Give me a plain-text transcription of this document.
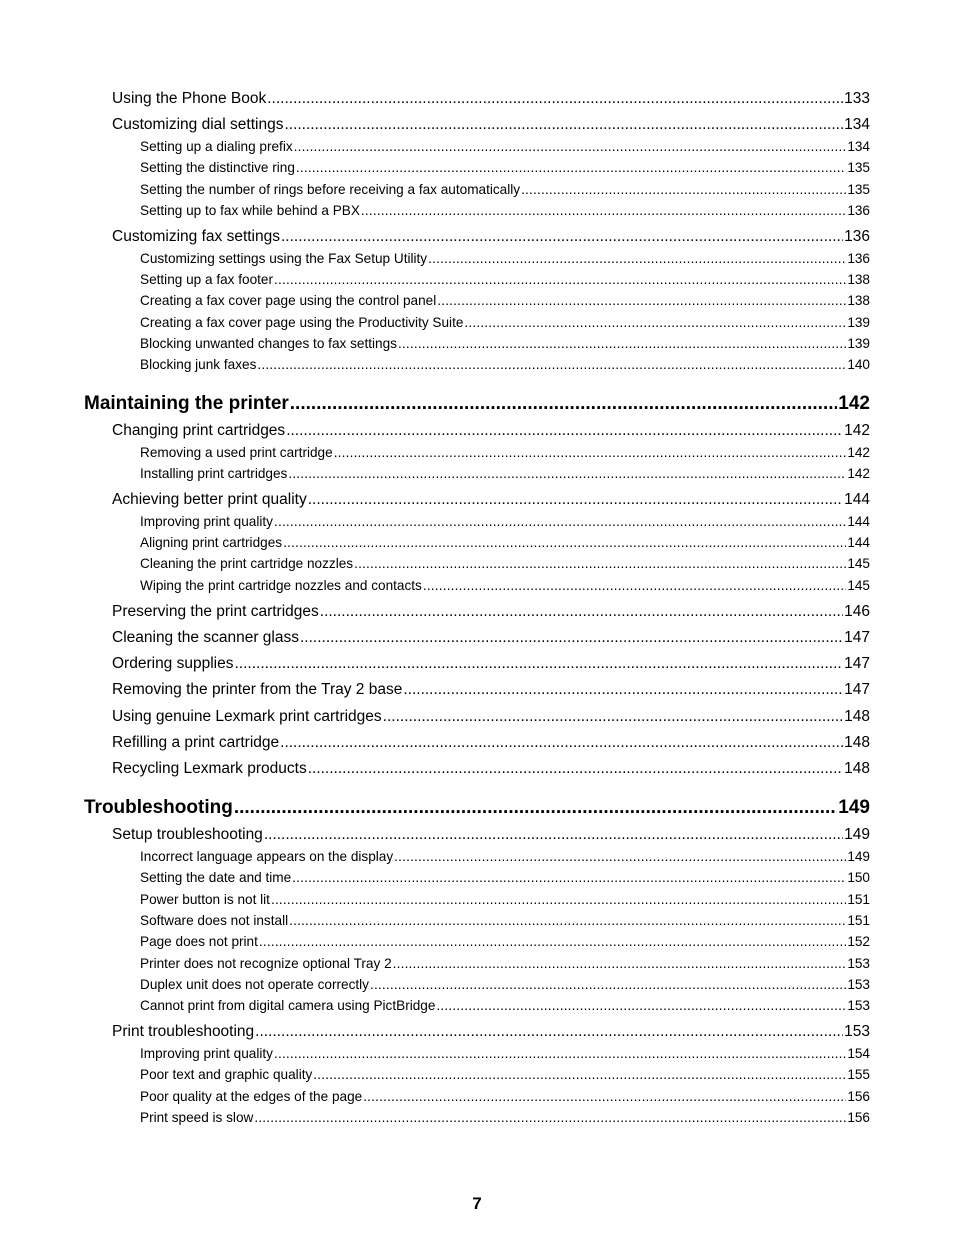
Using the Phone Book .....	133
Customizing dial settings .....	134
Setting up a dialing prefix .....	134
Setting the distinctive ring .....	135
Setting the number of rings before receiving a fax automatically .....	135
Setting up to fax while behind a PBX .....	136
Customizing fax settings .....	136
Customizing settings using the Fax Setup Utility .....	136
Setting up a fax footer .....	138
Creating a fax cover page using the control panel .....	138
Creating a fax cover page using the Productivity Suite .....	139
Blocking unwanted changes to fax settings .....	139
Blocking junk faxes .....	140
Maintaining the printer .....	142
Changing print cartridges .....	142
Removing a used print cartridge .....	142
Installing print cartridges .....	142
Achieving better print quality .....	144
Improving print quality .....	144
Aligning print cartridges .....	144
Cleaning the print cartridge nozzles .....	145
Wiping the print cartridge nozzles and contacts .....	145
Preserving the print cartridges .....	146
Cleaning the scanner glass .....	147
Ordering supplies .....	147
Removing the printer from the Tray 2 base .....	147
Using genuine Lexmark print cartridges .....	148
Refilling a print cartridge .....	148
Recycling Lexmark products .....	148
Troubleshooting .....	149
Setup troubleshooting .....	149
Incorrect language appears on the display .....	149
Setting the date and time .....	150
Power button is not lit .....	151
Software does not install .....	151
Page does not print .....	152
Printer does not recognize optional Tray 2 .....	153
Duplex unit does not operate correctly .....	153
Cannot print from digital camera using PictBridge .....	153
Print troubleshooting .....	153
Improving print quality .....	154
Poor text and graphic quality .....	155
Poor quality at the edges of the page .....	156
Print speed is slow .....	156
7
